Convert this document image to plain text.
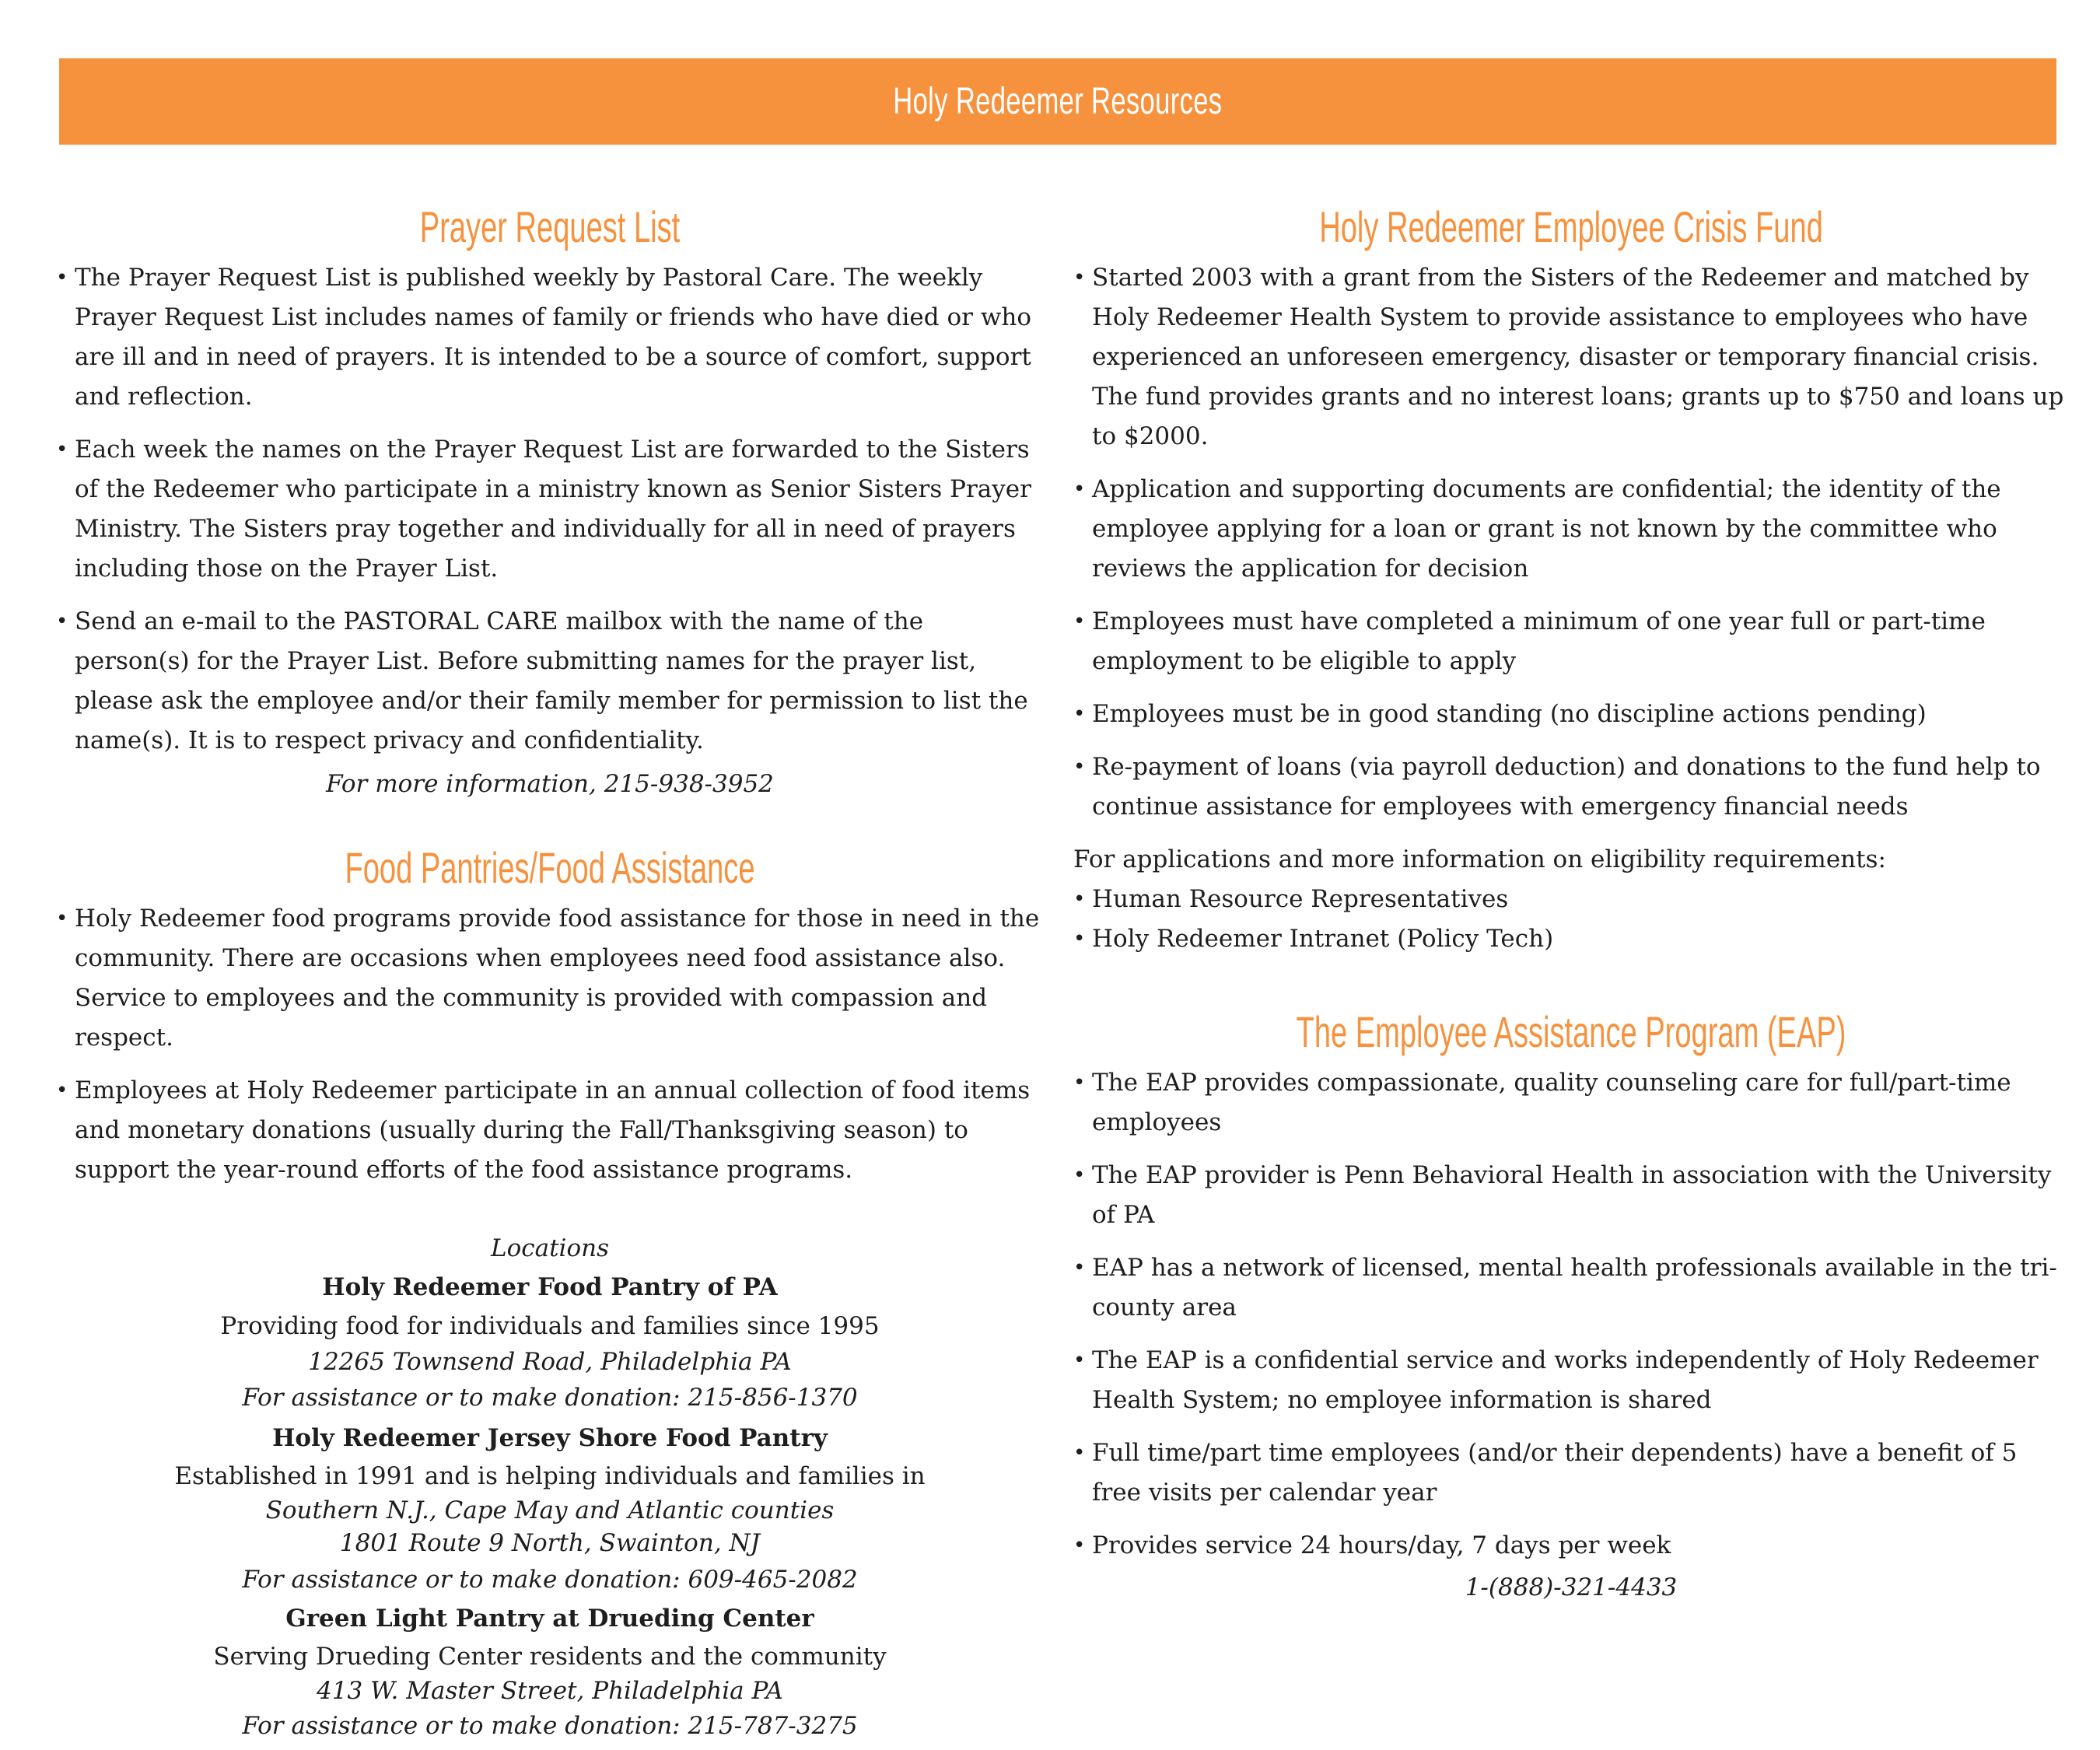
Holy Redeemer Resources
Prayer Request List
• The Prayer Request List is published weekly by Pastoral Care. The weekly Prayer Request List includes names of family or friends who have died or who are ill and in need of prayers. It is intended to be a source of comfort, support and reflection.
• Each week the names on the Prayer Request List are forwarded to the Sisters of the Redeemer who participate in a ministry known as Senior Sisters Prayer Ministry. The Sisters pray together and individually for all in need of prayers including those on the Prayer List.
• Send an e-mail to the PASTORAL CARE mailbox with the name of the person(s) for the Prayer List. Before submitting names for the prayer list, please ask the employee and/or their family member for permission to list the name(s). It is to respect privacy and confidentiality.
For more information, 215-938-3952
Food Pantries/Food Assistance
• Holy Redeemer food programs provide food assistance for those in need in the community. There are occasions when employees need food assistance also. Service to employees and the community is provided with compassion and respect.
• Employees at Holy Redeemer participate in an annual collection of food items and monetary donations (usually during the Fall/Thanksgiving season) to support the year-round efforts of the food assistance programs.
Locations
Holy Redeemer Food Pantry of PA
Providing food for individuals and families since 1995
12265 Townsend Road, Philadelphia PA
For assistance or to make donation: 215-856-1370
Holy Redeemer Jersey Shore Food Pantry
Established in 1991 and is helping individuals and families in
Southern N.J., Cape May and Atlantic counties
1801 Route 9 North, Swainton, NJ
For assistance or to make donation: 609-465-2082
Green Light Pantry at Drueding Center
Serving Drueding Center residents and the community
413 W. Master Street, Philadelphia PA
For assistance or to make donation: 215-787-3275
Holy Redeemer Employee Crisis Fund
• Started 2003 with a grant from the Sisters of the Redeemer and matched by Holy Redeemer Health System to provide assistance to employees who have experienced an unforeseen emergency, disaster or temporary financial crisis. The fund provides grants and no interest loans; grants up to $750 and loans up to $2000.
• Application and supporting documents are confidential; the identity of the employee applying for a loan or grant is not known by the committee who reviews the application for decision
• Employees must have completed a minimum of one year full or part-time employment to be eligible to apply
• Employees must be in good standing (no discipline actions pending)
• Re-payment of loans (via payroll deduction) and donations to the fund help to continue assistance for employees with emergency financial needs

For applications and more information on eligibility requirements:

• Human Resource Representatives
• Holy Redeemer Intranet (Policy Tech)
The Employee Assistance Program (EAP)
• The EAP provides compassionate, quality counseling care for full/part-time employees
• The EAP provider is Penn Behavioral Health in association with the University of PA
• EAP has a network of licensed, mental health professionals available in the tri-county area
• The EAP is a confidential service and works independently of Holy Redeemer Health System; no employee information is shared
• Full time/part time employees (and/or their dependents) have a benefit of 5 free visits per calendar year
• Provides service 24 hours/day, 7 days per week
1-(888)-321-4433
